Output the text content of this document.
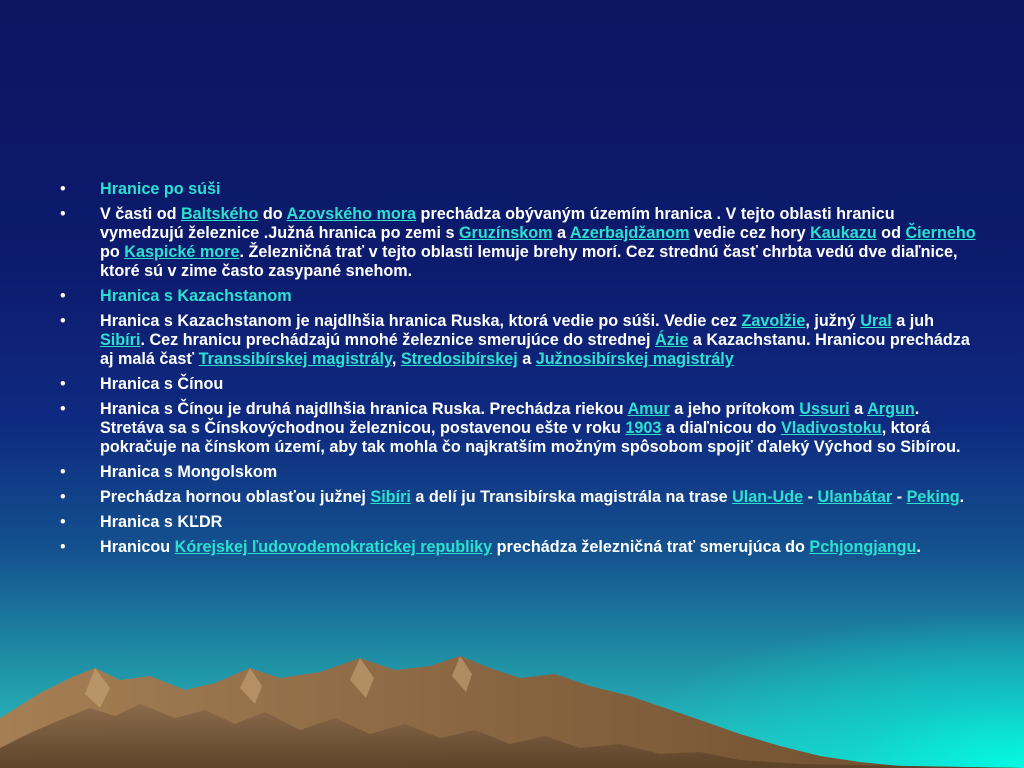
• Hranice po súši
• V časti od Baltského do Azovského mora prechádza obývaným územím hranica . V tejto oblasti hranicu vymedzujú železnice .Južná hranica po zemi s Gruzínskom a Azerbajdžanom vedie cez hory Kaukazu od Čierneho po Kaspické more. Železničná trať v tejto oblasti lemuje brehy morí. Cez strednú časť chrbta vedú dve diaľnice, ktoré sú v zime často zasypané snehom.
• Hranica s Kazachstanom
• Hranica s Kazachstanom je najdlhšia hranica Ruska, ktorá vedie po súši. Vedie cez Zavolžie, južný Ural a juh Sibíri. Cez hranicu prechádzajú mnohé železnice smerujúce do strednej Ázie a Kazachstanu. Hranicou prechádza aj malá časť Transsibírskej magistrály, Stredosibírskej a Južnosibírskej magistrály
• Hranica s Čínou
• Hranica s Čínou je druhá najdlhšia hranica Ruska. Prechádza riekou Amur a jeho prítokom Ussuri a Argun. Stretáva sa s Čínskovýchodnou železnicou, postavenou ešte v roku 1903 a diaľnicou do Vladivostoku, ktorá pokračuje na čínskom území, aby tak mohla čo najkratším možným spôsobom spojiť ďaleký Východ so Sibírou.
• Hranica s Mongolskom
• Prechádza hornou oblasťou južnej Sibíri a delí ju Transibírska magistrála na trase Ulan-Ude - Ulanbátar - Peking.
• Hranica s KĽDR
• Hranicou Kórejskej ľudovodemokratickej republiky prechádza železničná trať smerujúca do Pchjongjangu.
